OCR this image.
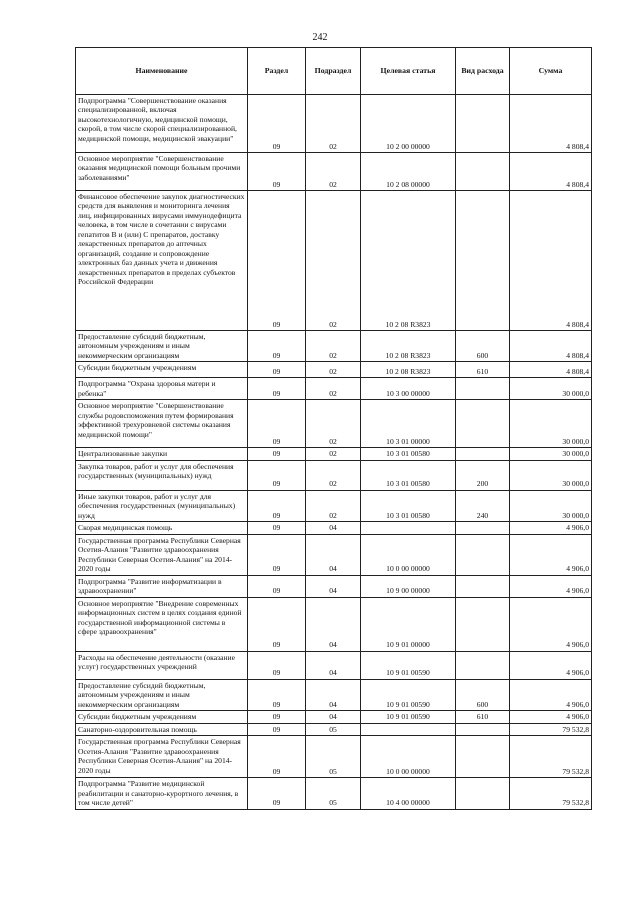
242
Наименование	Раздел	Подраздел	Целевая статья	Вид расхода	Сумма
Подпрограмма "Совершенствование оказания специализированной, включая высокотехнологичную, медицинской помощи, скорой, в том числе скорой специализированной, медицинской помощи, медицинской эвакуации"	09	02	10 2 00 00000		4 808,4
Основное мероприятие "Совершенствование оказания медицинской помощи больным прочими заболеваниями"	09	02	10 2 08 00000		4 808,4
Финансовое обеспечение закупок диагностических средств для выявления и мониторинга лечения лиц, инфицированных вирусами иммунодефицита человека, в том числе в сочетании с вирусами гепатитов В и (или) С препаратов, доставку лекарственных препаратов до аптечных организаций, создание и сопровождение электронных баз данных учета и движения лекарственных препаратов в пределах субъектов Российской Федерации	09	02	10 2 08 R3823		4 808,4
Предоставление субсидий бюджетным, автономным учреждениям и иным некоммерческим организациям	09	02	10 2 08 R3823	600	4 808,4
Субсидии бюджетным учреждениям	09	02	10 2 08 R3823	610	4 808,4
Подпрограмма "Охрана здоровья матери и ребенка"	09	02	10 3 00 00000		30 000,0
Основное мероприятие "Совершенствование службы родовспоможения путем формирования эффективной трехуровневой системы оказания медицинской помощи"	09	02	10 3 01 00000		30 000,0
Централизованные закупки	09	02	10 3 01 00580		30 000,0
Закупка товаров, работ и услуг для обеспечения государственных (муниципальных) нужд	09	02	10 3 01 00580	200	30 000,0
Иные закупки товаров, работ и услуг для обеспечения государственных (муниципальных) нужд	09	02	10 3 01 00580	240	30 000,0
Скорая медицинская помощь	09	04			4 906,0
Государственная программа Республики Северная Осетия-Алания "Развитие здравоохранения Республики Северная Осетия-Алания" на 2014-2020 годы	09	04	10 0 00 00000		4 906,0
Подпрограмма "Развитие информатизации в здравоохранении"	09	04	10 9 00 00000		4 906,0
Основное мероприятие "Внедрение современных информационных систем в целях создания единой государственной информационной системы в сфере здравоохранения"	09	04	10 9 01 00000		4 906,0
Расходы на обеспечение деятельности (оказание услуг) государственных учреждений	09	04	10 9 01 00590		4 906,0
Предоставление субсидий бюджетным, автономным учреждениям и иным некоммерческим организациям	09	04	10 9 01 00590	600	4 906,0
Субсидии бюджетным учреждениям	09	04	10 9 01 00590	610	4 906,0
Санаторно-оздоровительная помощь	09	05			79 532,8
Государственная программа Республики Северная Осетия-Алания "Развитие здравоохранения Республики Северная Осетия-Алания" на 2014-2020 годы	09	05	10 0 00 00000		79 532,8
Подпрограмма "Развитие медицинской реабилитации и санаторно-курортного лечения, в том числе детей"	09	05	10 4 00 00000		79 532,8
